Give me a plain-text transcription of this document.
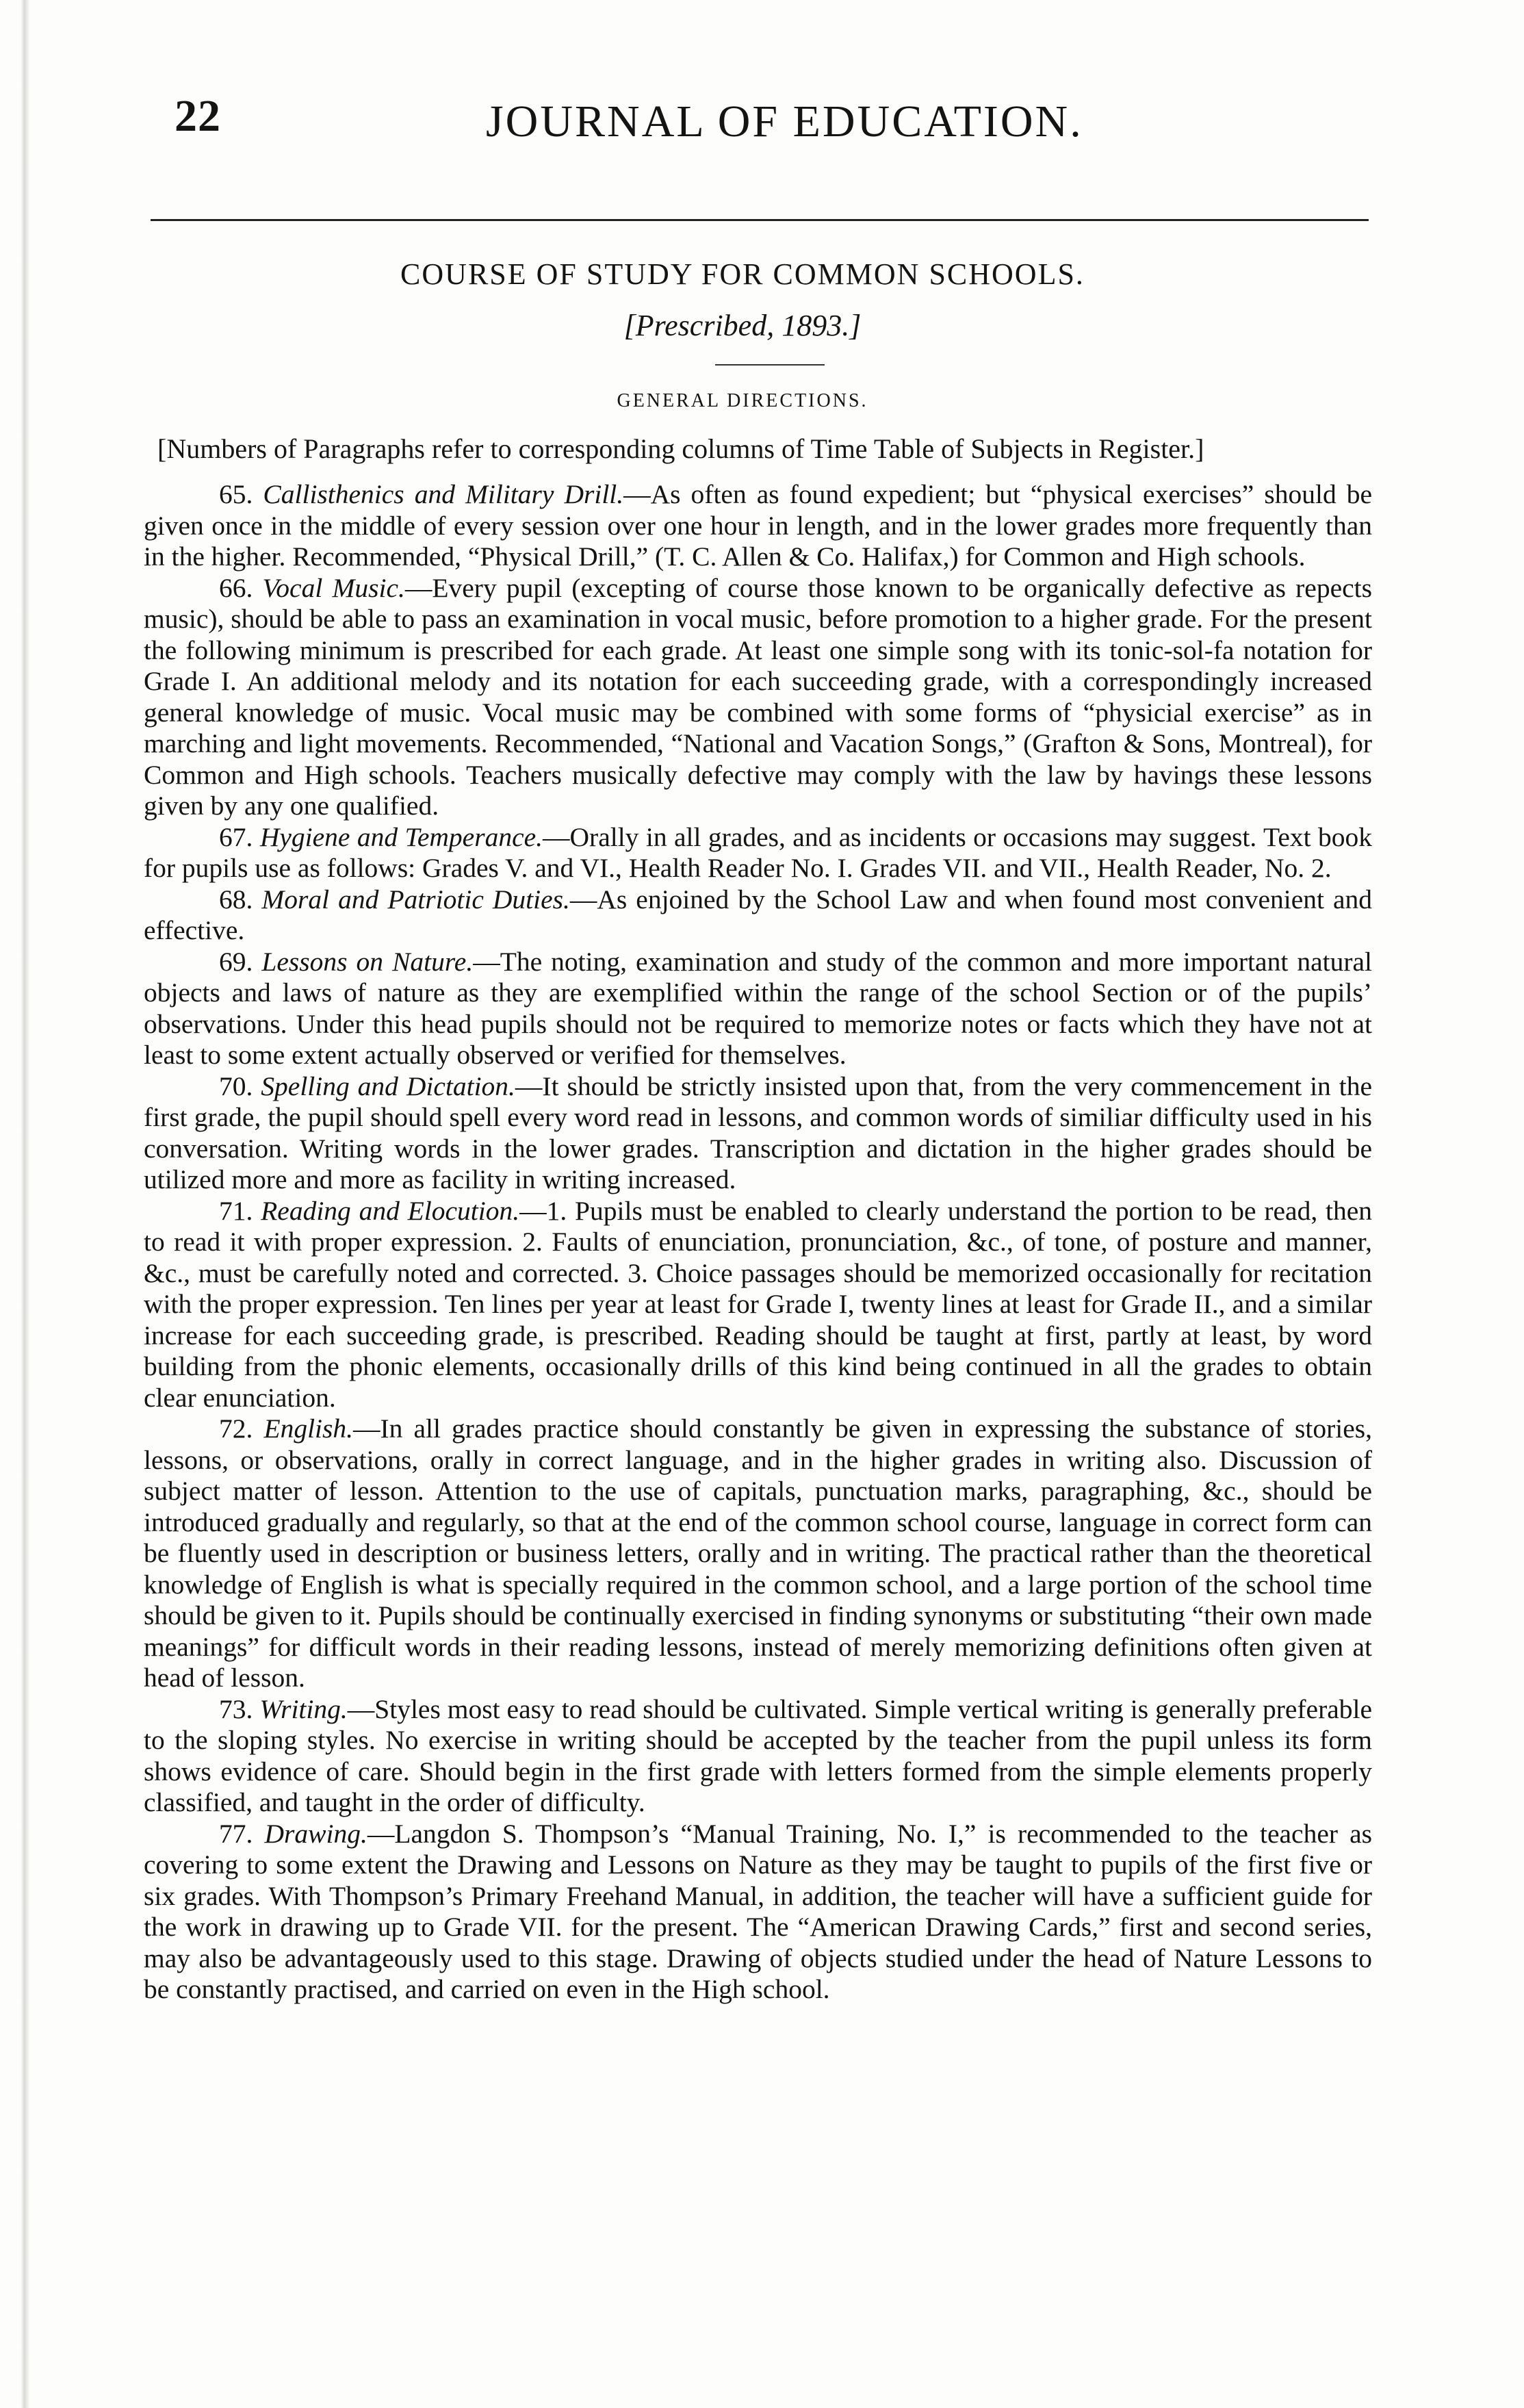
22	JOURNAL OF EDUCATION.
COURSE OF STUDY FOR COMMON SCHOOLS.
[Prescribed, 1893.]
GENERAL DIRECTIONS.
[Numbers of Paragraphs refer to corresponding columns of Time Table of Subjects in Register.]

65. Callisthenics and Military Drill.—As often as found expedient; but “physical exercises” should be given once in the middle of every session over one hour in length, and in the lower grades more frequently than in the higher. Recommended, “Physical Drill,” (T. C. Allen & Co. Halifax,) for Common and High schools.

66. Vocal Music.—Every pupil (excepting of course those known to be organically defective as repects music), should be able to pass an examination in vocal music, before promotion to a higher grade. For the present the following minimum is prescribed for each grade. At least one simple song with its tonic-sol-fa notation for Grade I. An additional melody and its notation for each succeeding grade, with a correspondingly increased general knowledge of music. Vocal music may be combined with some forms of “physicial exercise” as in marching and light movements. Recommended, “National and Vacation Songs,” (Grafton & Sons, Montreal), for Common and High schools. Teachers musically defective may comply with the law by havings these lessons given by any one qualified.

67. Hygiene and Temperance.—Orally in all grades, and as incidents or occasions may suggest. Text book for pupils use as follows: Grades V. and VI., Health Reader No. I. Grades VII. and VII., Health Reader, No. 2.

68. Moral and Patriotic Duties.—As enjoined by the School Law and when found most convenient and effective.

69. Lessons on Nature.—The noting, examination and study of the common and more important natural objects and laws of nature as they are exemplified within the range of the school Section or of the pupils’ observations. Under this head pupils should not be required to memorize notes or facts which they have not at least to some extent actually observed or verified for themselves.

70. Spelling and Dictation.—It should be strictly insisted upon that, from the very commencement in the first grade, the pupil should spell every word read in lessons, and common words of similiar difficulty used in his conversation. Writing words in the lower grades. Transcription and dictation in the higher grades should be utilized more and more as facility in writing increased.

71. Reading and Elocution.—1. Pupils must be enabled to clearly understand the portion to be read, then to read it with proper expression. 2. Faults of enunciation, pronunciation, &c., of tone, of posture and manner, &c., must be carefully noted and corrected. 3. Choice passages should be memorized occasionally for recitation with the proper expression. Ten lines per year at least for Grade I, twenty lines at least for Grade II., and a similar increase for each succeeding grade, is prescribed. Reading should be taught at first, partly at least, by word building from the phonic elements, occasionally drills of this kind being continued in all the grades to obtain clear enunciation.

72. English.—In all grades practice should constantly be given in expressing the substance of stories, lessons, or observations, orally in correct language, and in the higher grades in writing also. Discussion of subject matter of lesson. Attention to the use of capitals, punctuation marks, paragraphing, &c., should be introduced gradually and regularly, so that at the end of the common school course, language in correct form can be fluently used in description or business letters, orally and in writing. The practical rather than the theoretical knowledge of English is what is specially required in the common school, and a large portion of the school time should be given to it. Pupils should be continually exercised in finding synonyms or substituting “their own made meanings” for difficult words in their reading lessons, instead of merely memorizing definitions often given at head of lesson.

73. Writing.—Styles most easy to read should be cultivated. Simple vertical writing is generally preferable to the sloping styles. No exercise in writing should be accepted by the teacher from the pupil unless its form shows evidence of care. Should begin in the first grade with letters formed from the simple elements properly classified, and taught in the order of difficulty.

77. Drawing.—Langdon S. Thompson’s “Manual Training, No. I,” is recommended to the teacher as covering to some extent the Drawing and Lessons on Nature as they may be taught to pupils of the first five or six grades. With Thompson’s Primary Freehand Manual, in addition, the teacher will have a sufficient guide for the work in drawing up to Grade VII. for the present. The “American Drawing Cards,” first and second series, may also be advantageously used to this stage. Drawing of objects studied under the head of Nature Lessons to be constantly practised, and carried on even in the High school.
